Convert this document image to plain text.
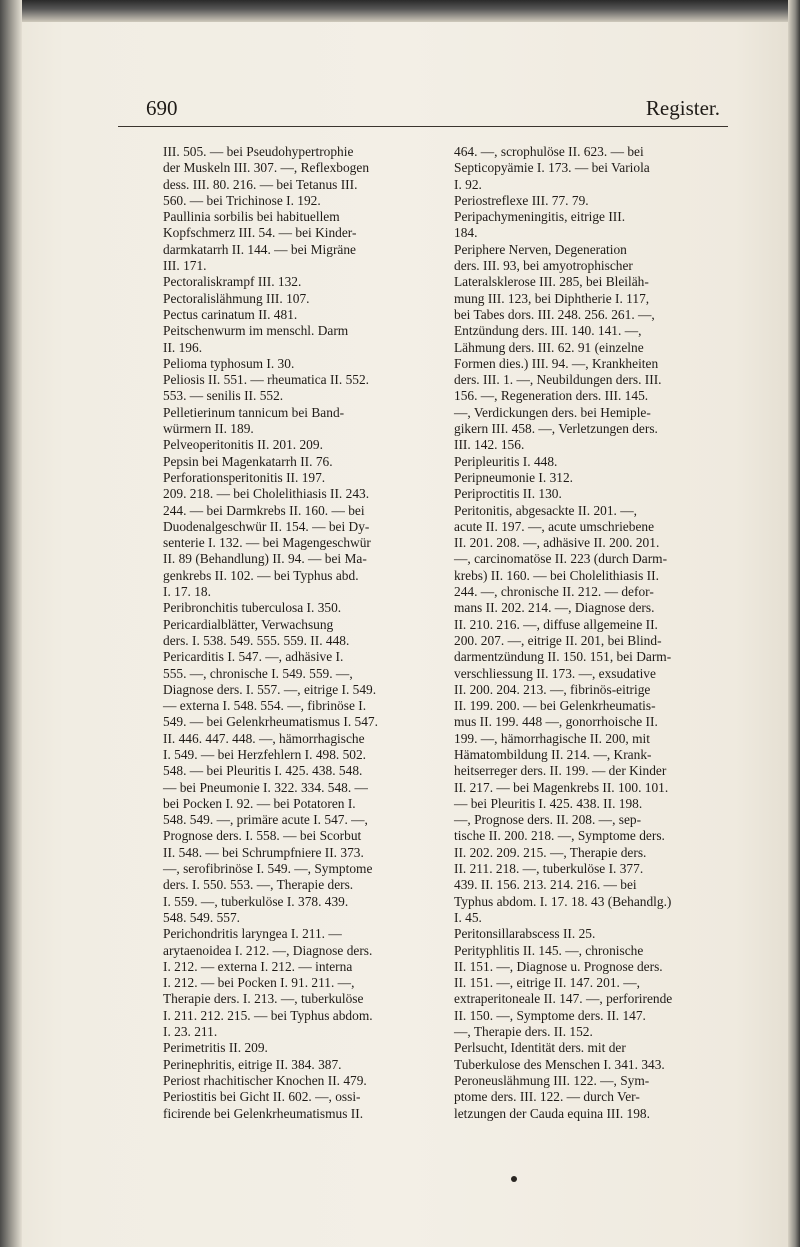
690	Register.
III. 505. — bei Pseudohypertrophie
der Muskeln III. 307. —, Reflexbogen
dess. III. 80. 216. — bei Tetanus III.
560. — bei Trichinose I. 192.
Paullinia sorbilis bei habituellem
Kopfschmerz III. 54. — bei Kinder-
darmkatarrh II. 144. — bei Migräne
III. 171.
Pectoraliskrampf III. 132.
Pectoralislähmung III. 107.
Pectus carinatum II. 481.
Peitschenwurm im menschl. Darm
II. 196.
Pelioma typhosum I. 30.
Peliosis II. 551. — rheumatica II. 552.
553. — senilis II. 552.
Pelletierinum tannicum bei Band-
würmern II. 189.
Pelveoperitonitis II. 201. 209.
Pepsin bei Magenkatarrh II. 76.
Perforationsperitonitis II. 197.
209. 218. — bei Cholelithiasis II. 243.
244. — bei Darmkrebs II. 160. — bei
Duodenalgeschwür II. 154. — bei Dy-
senterie I. 132. — bei Magengeschwür
II. 89 (Behandlung) II. 94. — bei Ma-
genkrebs II. 102. — bei Typhus abd.
I. 17. 18.
Peribronchitis tuberculosa I. 350.
Pericardialblätter, Verwachsung
ders. I. 538. 549. 555. 559. II. 448.
Pericarditis I. 547. —, adhäsive I.
555. —, chronische I. 549. 559. —,
Diagnose ders. I. 557. —, eitrige I. 549.
— externa I. 548. 554. —, fibrinöse I.
549. — bei Gelenkrheumatismus I. 547.
II. 446. 447. 448. —, hämorrhagische
I. 549. — bei Herzfehlern I. 498. 502.
548. — bei Pleuritis I. 425. 438. 548.
— bei Pneumonie I. 322. 334. 548. —
bei Pocken I. 92. — bei Potatoren I.
548. 549. —, primäre acute I. 547. —,
Prognose ders. I. 558. — bei Scorbut
II. 548. — bei Schrumpfniere II. 373.
—, serofibrinöse I. 549. —, Symptome
ders. I. 550. 553. —, Therapie ders.
I. 559. —, tuberkulöse I. 378. 439.
548. 549. 557.
Perichondritis laryngea I. 211. —
arytaenoidea I. 212. —, Diagnose ders.
I. 212. — externa I. 212. — interna
I. 212. — bei Pocken I. 91. 211. —,
Therapie ders. I. 213. —, tuberkulöse
I. 211. 212. 215. — bei Typhus abdom.
I. 23. 211.
Perimetritis II. 209.
Perinephritis, eitrige II. 384. 387.
Periost rhachitischer Knochen II. 479.
Periostitis bei Gicht II. 602. —, ossi-
ficirende bei Gelenkrheumatismus II.
464. —, scrophulöse II. 623. — bei
Septicopyämie I. 173. — bei Variola
I. 92.
Periostreflexe III. 77. 79.
Peripachymeningitis, eitrige III.
184.
Periphere Nerven, Degeneration
ders. III. 93, bei amyotrophischer
Lateralsklerose III. 285, bei Bleiläh-
mung III. 123, bei Diphtherie I. 117,
bei Tabes dors. III. 248. 256. 261. —,
Entzündung ders. III. 140. 141. —,
Lähmung ders. III. 62. 91 (einzelne
Formen dies.) III. 94. —, Krankheiten
ders. III. 1. —, Neubildungen ders. III.
156. —, Regeneration ders. III. 145.
—, Verdickungen ders. bei Hemiple-
gikern III. 458. —, Verletzungen ders.
III. 142. 156.
Peripleuritis I. 448.
Peripneumonie I. 312.
Periproctitis II. 130.
Peritonitis, abgesackte II. 201. —,
acute II. 197. —, acute umschriebene
II. 201. 208. —, adhäsive II. 200. 201.
—, carcinomatöse II. 223 (durch Darm-
krebs) II. 160. — bei Cholelithiasis II.
244. —, chronische II. 212. — defor-
mans II. 202. 214. —, Diagnose ders.
II. 210. 216. —, diffuse allgemeine II.
200. 207. —, eitrige II. 201, bei Blind-
darmentzündung II. 150. 151, bei Darm-
verschliessung II. 173. —, exsudative
II. 200. 204. 213. —, fibrinös-eitrige
II. 199. 200. — bei Gelenkrheumatis-
mus II. 199. 448 —, gonorrhoische II.
199. —, hämorrhagische II. 200, mit
Hämatombildung II. 214. —, Krank-
heitserreger ders. II. 199. — der Kinder
II. 217. — bei Magenkrebs II. 100. 101.
— bei Pleuritis I. 425. 438. II. 198.
—, Prognose ders. II. 208. —, sep-
tische II. 200. 218. —, Symptome ders.
II. 202. 209. 215. —, Therapie ders.
II. 211. 218. —, tuberkulöse I. 377.
439. II. 156. 213. 214. 216. — bei
Typhus abdom. I. 17. 18. 43 (Behandlg.)
I. 45.
Peritonsillarabscess II. 25.
Perityphlitis II. 145. —, chronische
II. 151. —, Diagnose u. Prognose ders.
II. 151. —, eitrige II. 147. 201. —,
extraperitoneale II. 147. —, perforirende
II. 150. —, Symptome ders. II. 147.
—, Therapie ders. II. 152.
Perlsucht, Identität ders. mit der
Tuberkulose des Menschen I. 341. 343.
Peroneuslähmung III. 122. —, Sym-
ptome ders. III. 122. — durch Ver-
letzungen der Cauda equina III. 198.
